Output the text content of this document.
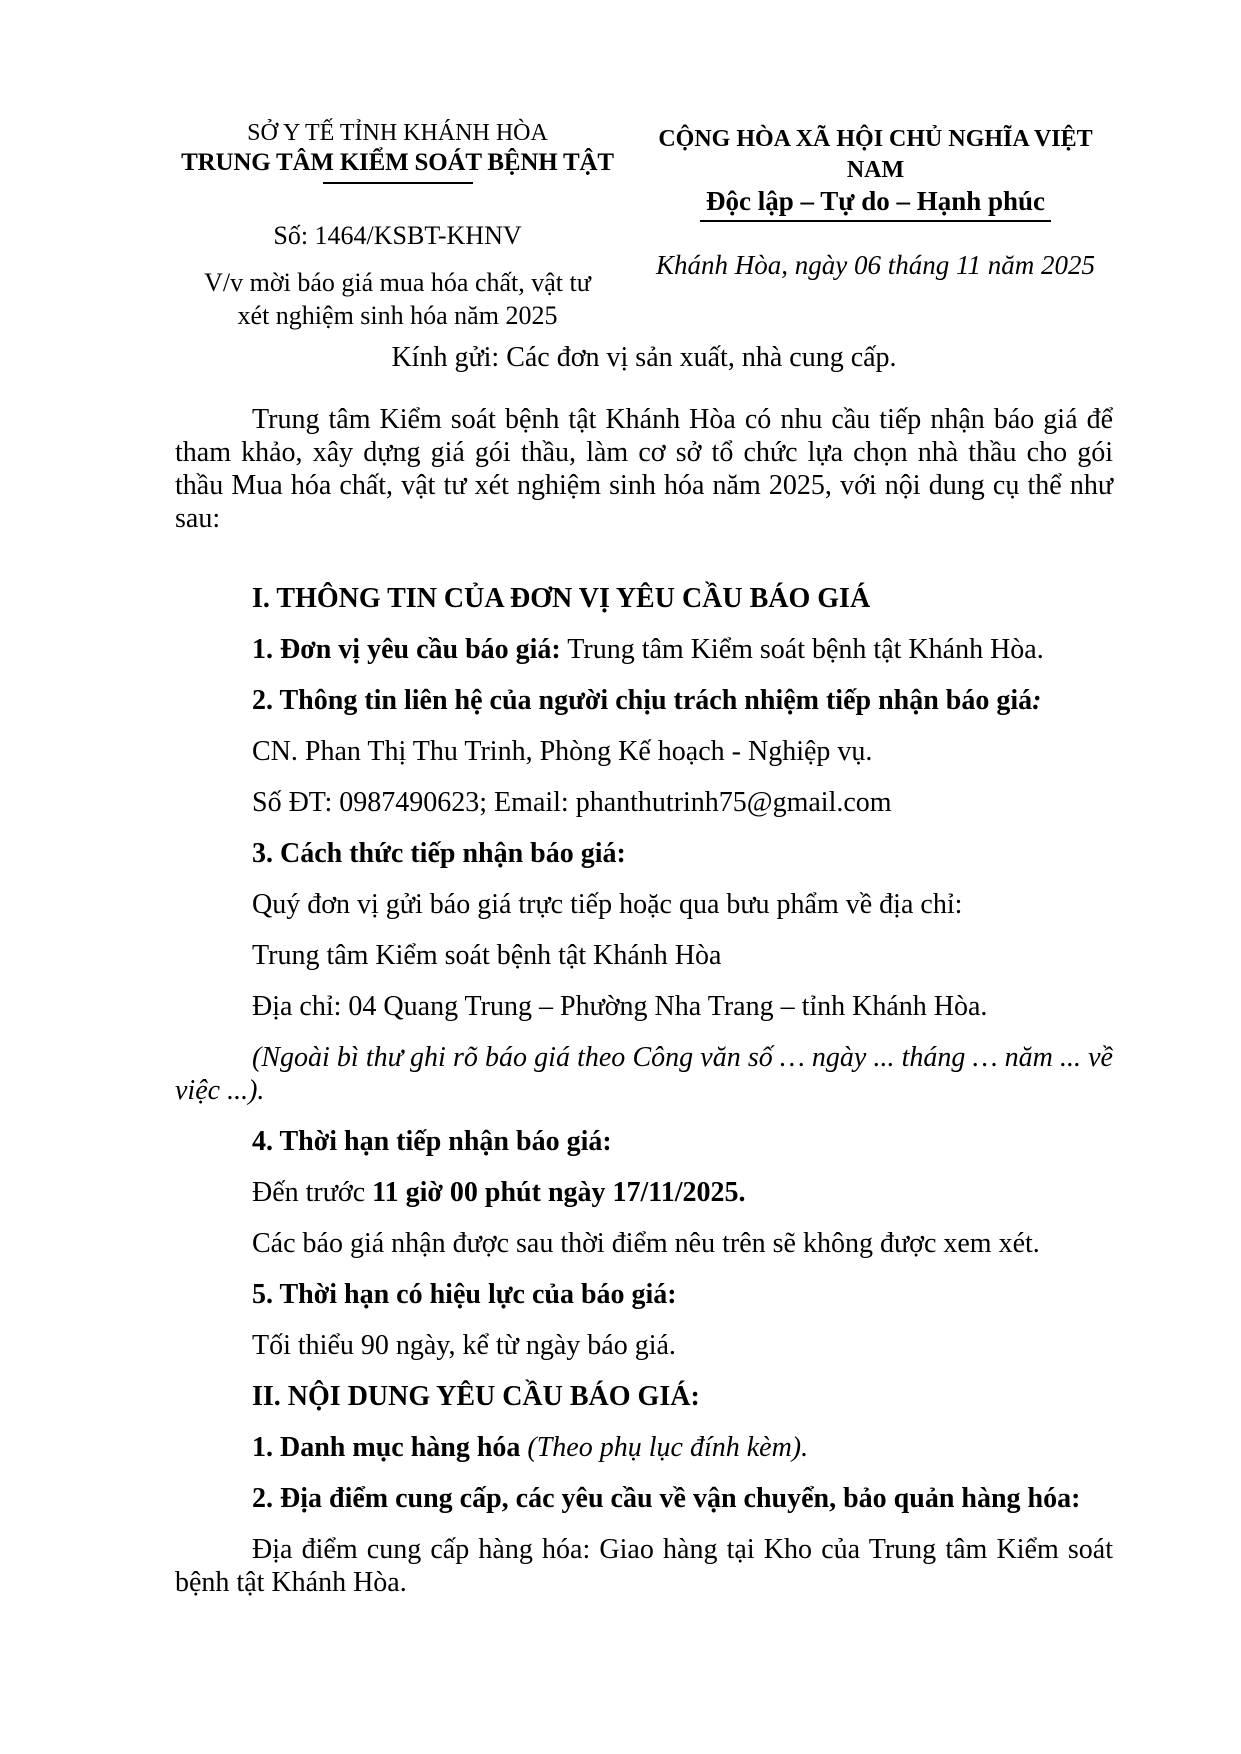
SỞ Y TẾ TỈNH KHÁNH HÒA
TRUNG TÂM KIỂM SOÁT BỆNH TẬT
Số: 1464/KSBT-KHNV
V/v mời báo giá mua hóa chất, vật tư
xét nghiệm sinh hóa năm 2025
CỘNG HÒA XÃ HỘI CHỦ NGHĨA VIỆT NAM
Độc lập – Tự do – Hạnh phúc
Khánh Hòa, ngày 06 tháng 11 năm 2025
Kính gửi: Các đơn vị sản xuất, nhà cung cấp.

Trung tâm Kiểm soát bệnh tật Khánh Hòa có nhu cầu tiếp nhận báo giá để tham khảo, xây dựng giá gói thầu, làm cơ sở tổ chức lựa chọn nhà thầu cho gói thầu Mua hóa chất, vật tư xét nghiệm sinh hóa năm 2025, với nội dung cụ thể như sau:

I. THÔNG TIN CỦA ĐƠN VỊ YÊU CẦU BÁO GIÁ

1. Đơn vị yêu cầu báo giá: Trung tâm Kiểm soát bệnh tật Khánh Hòa.

2. Thông tin liên hệ của người chịu trách nhiệm tiếp nhận báo giá:

CN. Phan Thị Thu Trinh, Phòng Kế hoạch - Nghiệp vụ.

Số ĐT: 0987490623; Email: phanthutrinh75@gmail.com

3. Cách thức tiếp nhận báo giá:

Quý đơn vị gửi báo giá trực tiếp hoặc qua bưu phẩm về địa chỉ:

Trung tâm Kiểm soát bệnh tật Khánh Hòa

Địa chỉ: 04 Quang Trung – Phường Nha Trang – tỉnh Khánh Hòa.

(Ngoài bì thư ghi rõ báo giá theo Công văn số … ngày ... tháng … năm ... về việc ...).

4. Thời hạn tiếp nhận báo giá:

Đến trước 11 giờ 00 phút ngày 17/11/2025.

Các báo giá nhận được sau thời điểm nêu trên sẽ không được xem xét.

5. Thời hạn có hiệu lực của báo giá:

Tối thiểu 90 ngày, kể từ ngày báo giá.

II. NỘI DUNG YÊU CẦU BÁO GIÁ:

1. Danh mục hàng hóa (Theo phụ lục đính kèm).

2. Địa điểm cung cấp, các yêu cầu về vận chuyển, bảo quản hàng hóa:

Địa điểm cung cấp hàng hóa: Giao hàng tại Kho của Trung tâm Kiểm soát bệnh tật Khánh Hòa.
